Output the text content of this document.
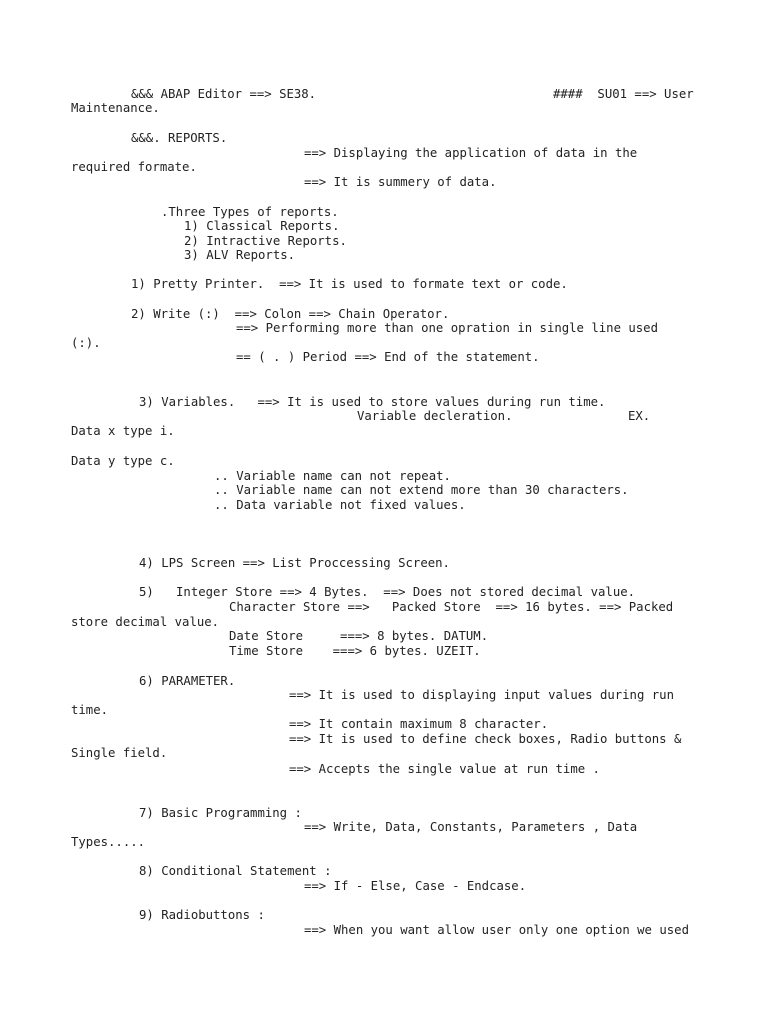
&&& ABAP Editor ==> SE38.	####  SU01 ==> User

Maintenance.

&&&. REPORTS.

==> Displaying the application of data in the

required formate.

==> It is summery of data.

.Three Types of reports.

1) Classical Reports.

2) Intractive Reports.

3) ALV Reports.

1) Pretty Printer.  ==> It is used to formate text or code.

2) Write (:)  ==> Colon ==> Chain Operator.

==> Performing more than one opration in single line used

(:).

== ( . ) Period ==> End of the statement.

3) Variables.   ==> It is used to store values during run time.

Variable decleration.	EX.

Data x type i.

Data y type c.

.. Variable name can not repeat.

.. Variable name can not extend more than 30 characters.

.. Data variable not fixed values.

4) LPS Screen ==> List Proccessing Screen.

5)   Integer Store ==> 4 Bytes.  ==> Does not stored decimal value.

Character Store ==>   Packed Store  ==> 16 bytes. ==> Packed

store decimal value.

Date Store     ===> 8 bytes. DATUM.

Time Store    ===> 6 bytes. UZEIT.

6) PARAMETER.

==> It is used to displaying input values during run

time.

==> It contain maximum 8 character.

==> It is used to define check boxes, Radio buttons &

Single field.

==> Accepts the single value at run time .

7) Basic Programming :

==> Write, Data, Constants, Parameters , Data

Types.....

8) Conditional Statement :

==> If - Else, Case - Endcase.

9) Radiobuttons :

==> When you want allow user only one option we used
